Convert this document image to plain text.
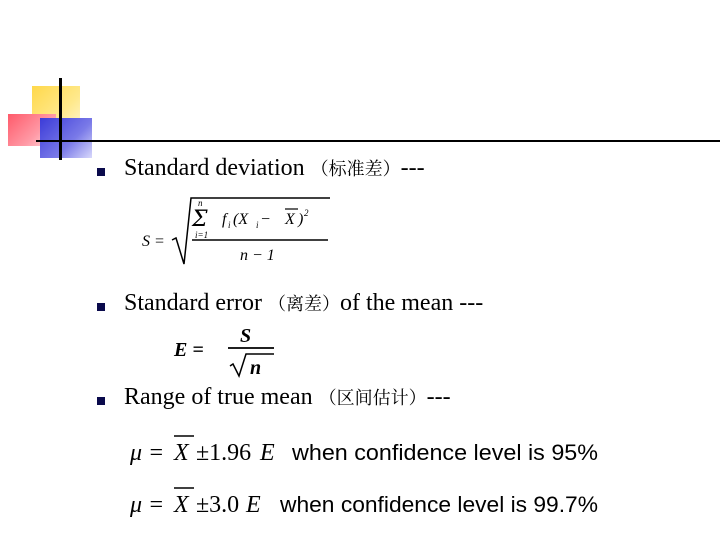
Standard deviation （标准差）---
S =
n
Σ
i=1
f i (X i − X ) 2
n − 1
Standard error （离差）of the mean ---
E =
S
n
Range of true mean （区间估计）---
μ = X ±1.96 E when confidence level is 95%
μ = X ±3.0 E when confidence level is 99.7%
